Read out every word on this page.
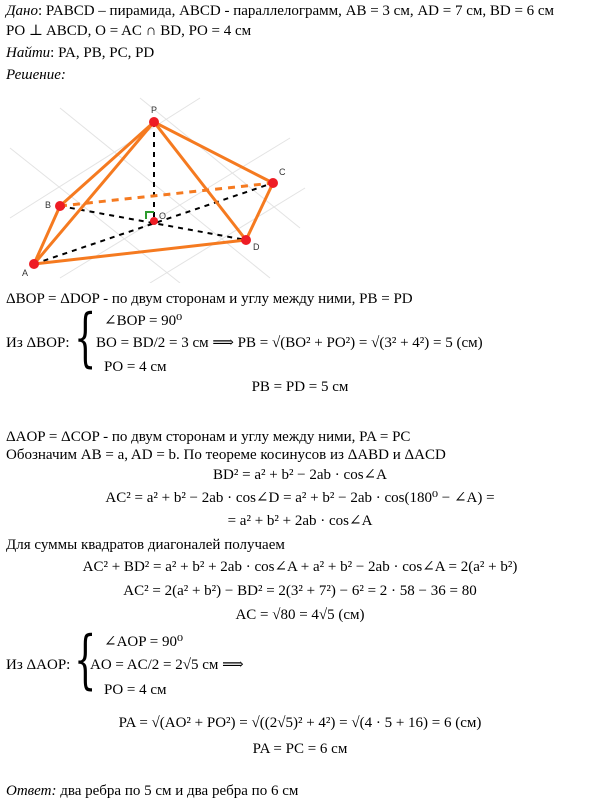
Дано: PABCD – пирамида, ABCD - параллелограмм, AB = 3 см, AD = 7 см, BD = 6 см
PO ⊥ ABCD, O = AC ∩ BD, PO = 4 см
Найти: PA, PB, PC, PD
Решение:
P
A
B
C
D
O
ΔBOP = ΔDOP - по двум сторонам и углу между ними, PB = PD
Из ΔBOP: { ∠BOP = 90⁰
BO = BD/2 = 3 см ⟹ PB = √(BO² + PO²) = √(3² + 4²) = 5 (см)
PO = 4 см
PB = PD = 5 см
ΔAOP = ΔCOP - по двум сторонам и углу между ними, PA = PC
Обозначим AB = a, AD = b. По теореме косинусов из ΔABD и ΔACD
BD² = a² + b² − 2ab · cos∠A
AC² = a² + b² − 2ab · cos∠D = a² + b² − 2ab · cos(180⁰ − ∠A) =
= a² + b² + 2ab · cos∠A
Для суммы квадратов диагоналей получаем
AC² + BD² = a² + b² + 2ab · cos∠A + a² + b² − 2ab · cos∠A = 2(a² + b²)
AC² = 2(a² + b²) − BD² = 2(3² + 7²) − 6² = 2 · 58 − 36 = 80
AC = √80 = 4√5 (см)
Из ΔAOP: { ∠AOP = 90⁰
AO = AC/2 = 2√5 см ⟹
PO = 4 см
PA = √(AO² + PO²) = √((2√5)² + 4²) = √(4 · 5 + 16) = 6 (см)
PA = PC = 6 см
Ответ: два ребра по 5 см и два ребра по 6 см
